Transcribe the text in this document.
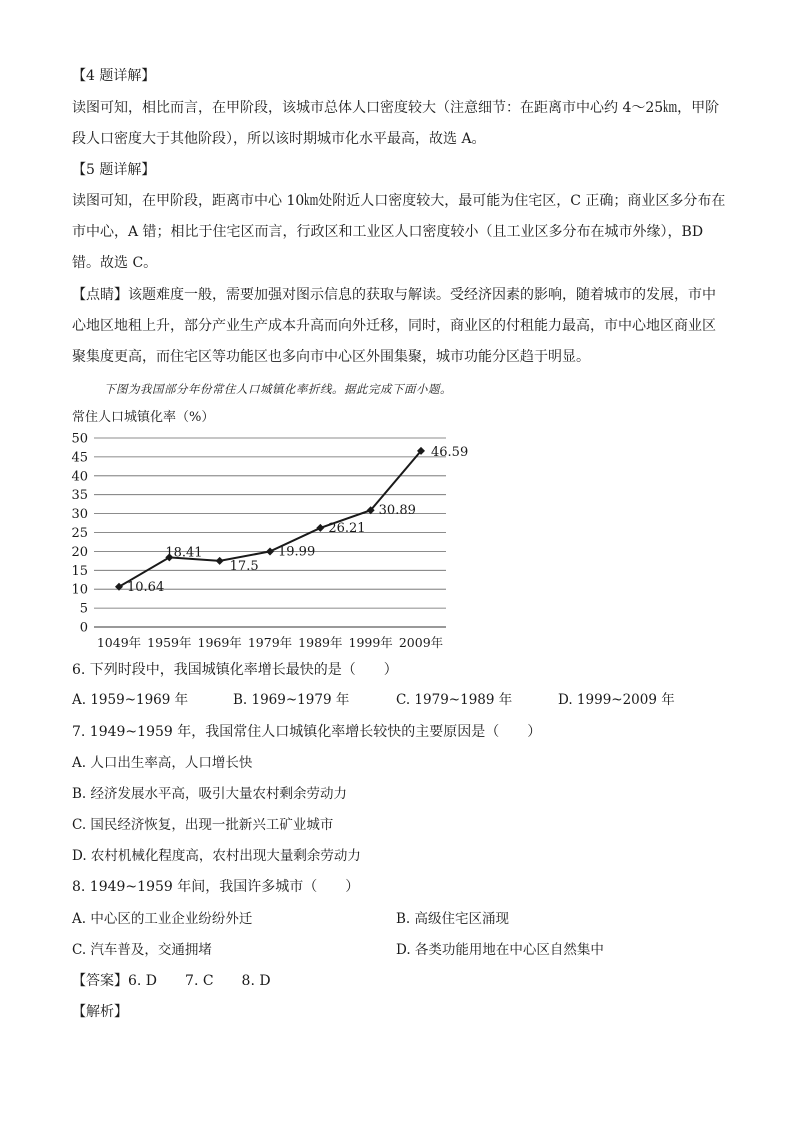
【4 题详解】
读图可知，相比而言，在甲阶段，该城市总体人口密度较大（注意细节：在距离市中心约 4～25㎞，甲阶
段人口密度大于其他阶段），所以该时期城市化水平最高，故选 A。
【5 题详解】
读图可知，在甲阶段，距离市中心 10㎞处附近人口密度较大，最可能为住宅区，C 正确；商业区多分布在
市中心，A 错；相比于住宅区而言，行政区和工业区人口密度较小（且工业区多分布在城市外缘），BD
错。故选 C。
【点睛】该题难度一般，需要加强对图示信息的获取与解读。受经济因素的影响，随着城市的发展，市中
心地区地租上升，部分产业生产成本升高而向外迁移，同时，商业区的付租能力最高，市中心地区商业区
聚集度更高，而住宅区等功能区也多向市中心区外围集聚，城市功能分区趋于明显。
下图为我国部分年份常住人口城镇化率折线。据此完成下面小题。
常住人口城镇化率（%）
0
5
10
15
20
25
30
35
40
45
50
1049年 1959年 1969年 1979年 1989年 1999年 2009年
10.64
18.41
17.5
19.99
26.21
30.89
46.59
6. 下列时段中，我国城镇化率增长最快的是（　　）
A. 1959~1969 年	B. 1969~1979 年	C. 1979~1989 年	D. 1999~2009 年
7. 1949~1959 年，我国常住人口城镇化率增长较快的主要原因是（　　）
A. 人口出生率高，人口增长快
B. 经济发展水平高，吸引大量农村剩余劳动力
C. 国民经济恢复，出现一批新兴工矿业城市
D. 农村机械化程度高，农村出现大量剩余劳动力
8. 1949~1959 年间，我国许多城市（　　）
A. 中心区的工业企业纷纷外迁	B. 高级住宅区涌现
C. 汽车普及，交通拥堵	D. 各类功能用地在中心区自然集中
【答案】6. D　　7. C　　8. D
【解析】
